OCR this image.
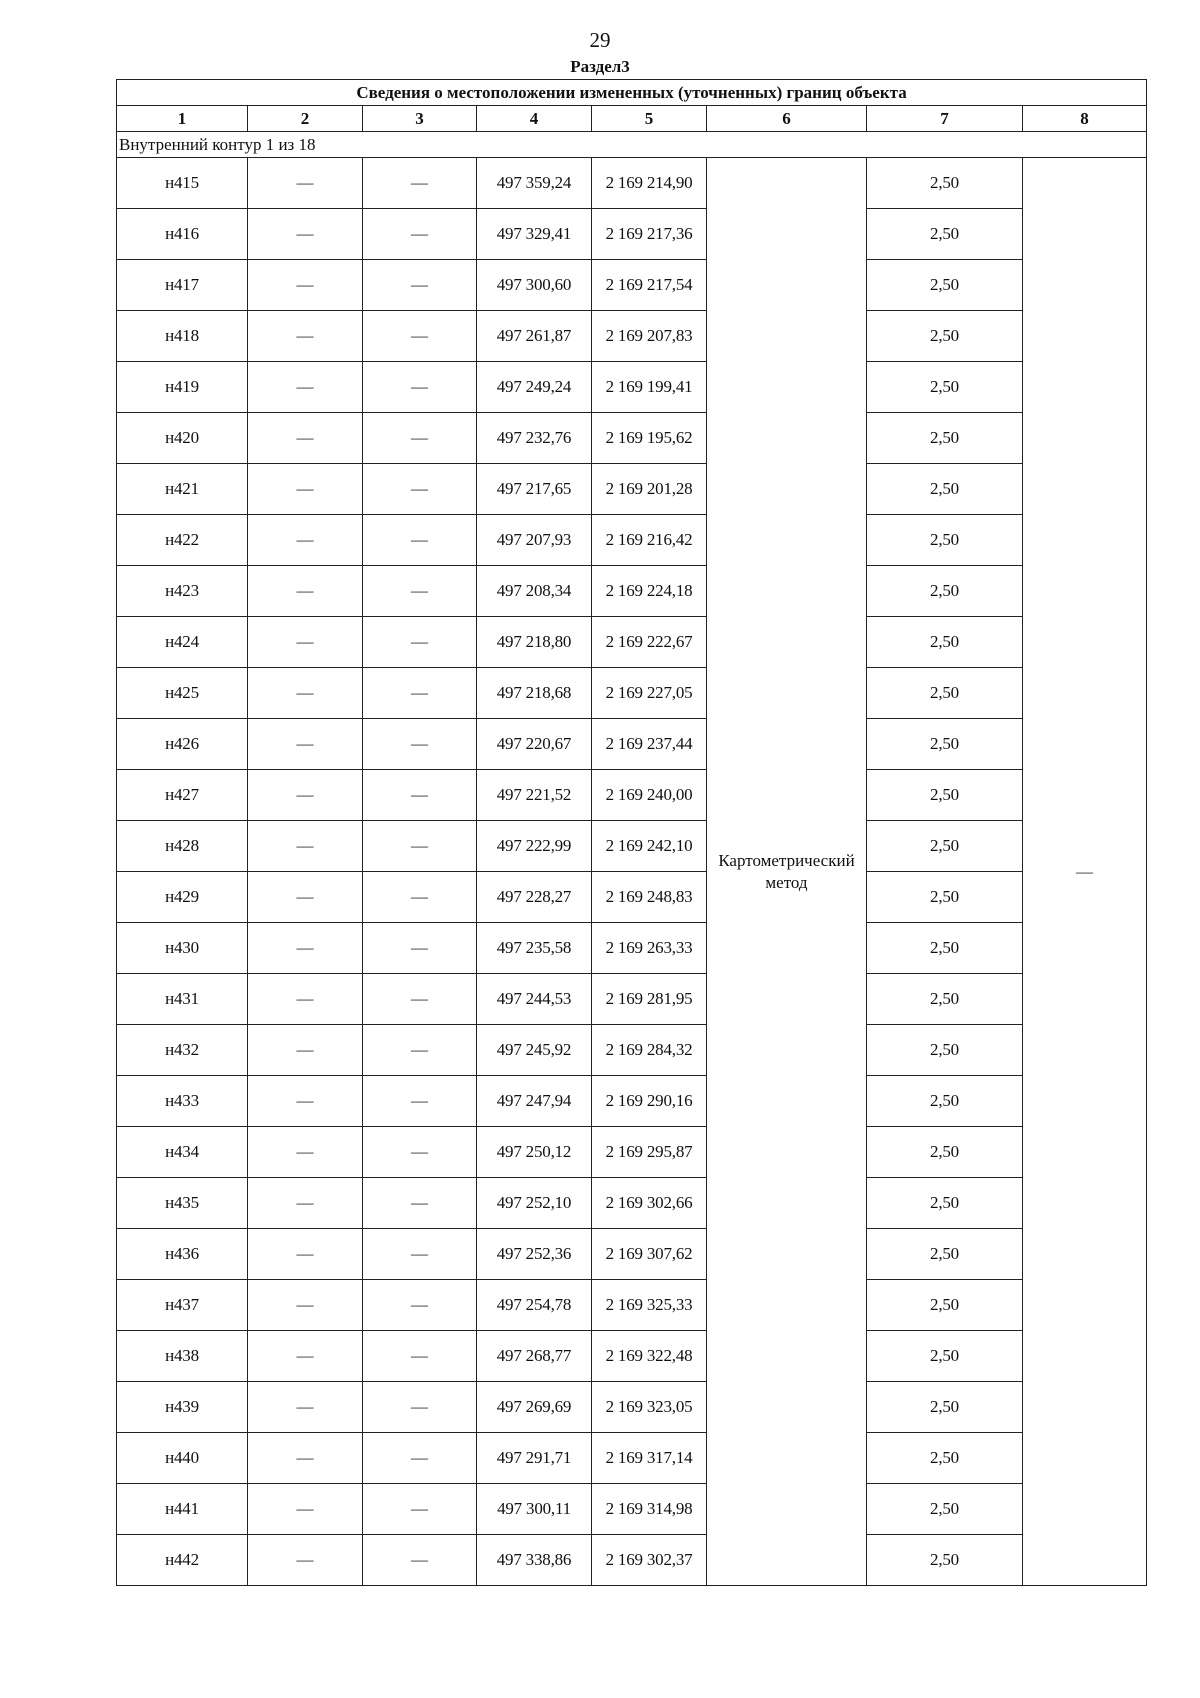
29
Раздел3
Сведения о местоположении измененных (уточненных) границ объекта							
1	2	3	4	5	6	7	8
Внутренний контур 1 из 18							
н415	—	—	497 359,24	2 169 214,90	Картометрический метод	2,50	—
н416	—	—	497 329,41	2 169 217,36		2,50	
н417	—	—	497 300,60	2 169 217,54		2,50	
н418	—	—	497 261,87	2 169 207,83		2,50	
н419	—	—	497 249,24	2 169 199,41		2,50	
н420	—	—	497 232,76	2 169 195,62		2,50	
н421	—	—	497 217,65	2 169 201,28		2,50	
н422	—	—	497 207,93	2 169 216,42		2,50	
н423	—	—	497 208,34	2 169 224,18		2,50	
н424	—	—	497 218,80	2 169 222,67		2,50	
н425	—	—	497 218,68	2 169 227,05		2,50	
н426	—	—	497 220,67	2 169 237,44		2,50	
н427	—	—	497 221,52	2 169 240,00		2,50	
н428	—	—	497 222,99	2 169 242,10		2,50	
н429	—	—	497 228,27	2 169 248,83		2,50	
н430	—	—	497 235,58	2 169 263,33		2,50	
н431	—	—	497 244,53	2 169 281,95		2,50	
н432	—	—	497 245,92	2 169 284,32		2,50	
н433	—	—	497 247,94	2 169 290,16		2,50	
н434	—	—	497 250,12	2 169 295,87		2,50	
н435	—	—	497 252,10	2 169 302,66		2,50	
н436	—	—	497 252,36	2 169 307,62		2,50	
н437	—	—	497 254,78	2 169 325,33		2,50	
н438	—	—	497 268,77	2 169 322,48		2,50	
н439	—	—	497 269,69	2 169 323,05		2,50	
н440	—	—	497 291,71	2 169 317,14		2,50	
н441	—	—	497 300,11	2 169 314,98		2,50	
н442	—	—	497 338,86	2 169 302,37		2,50	
